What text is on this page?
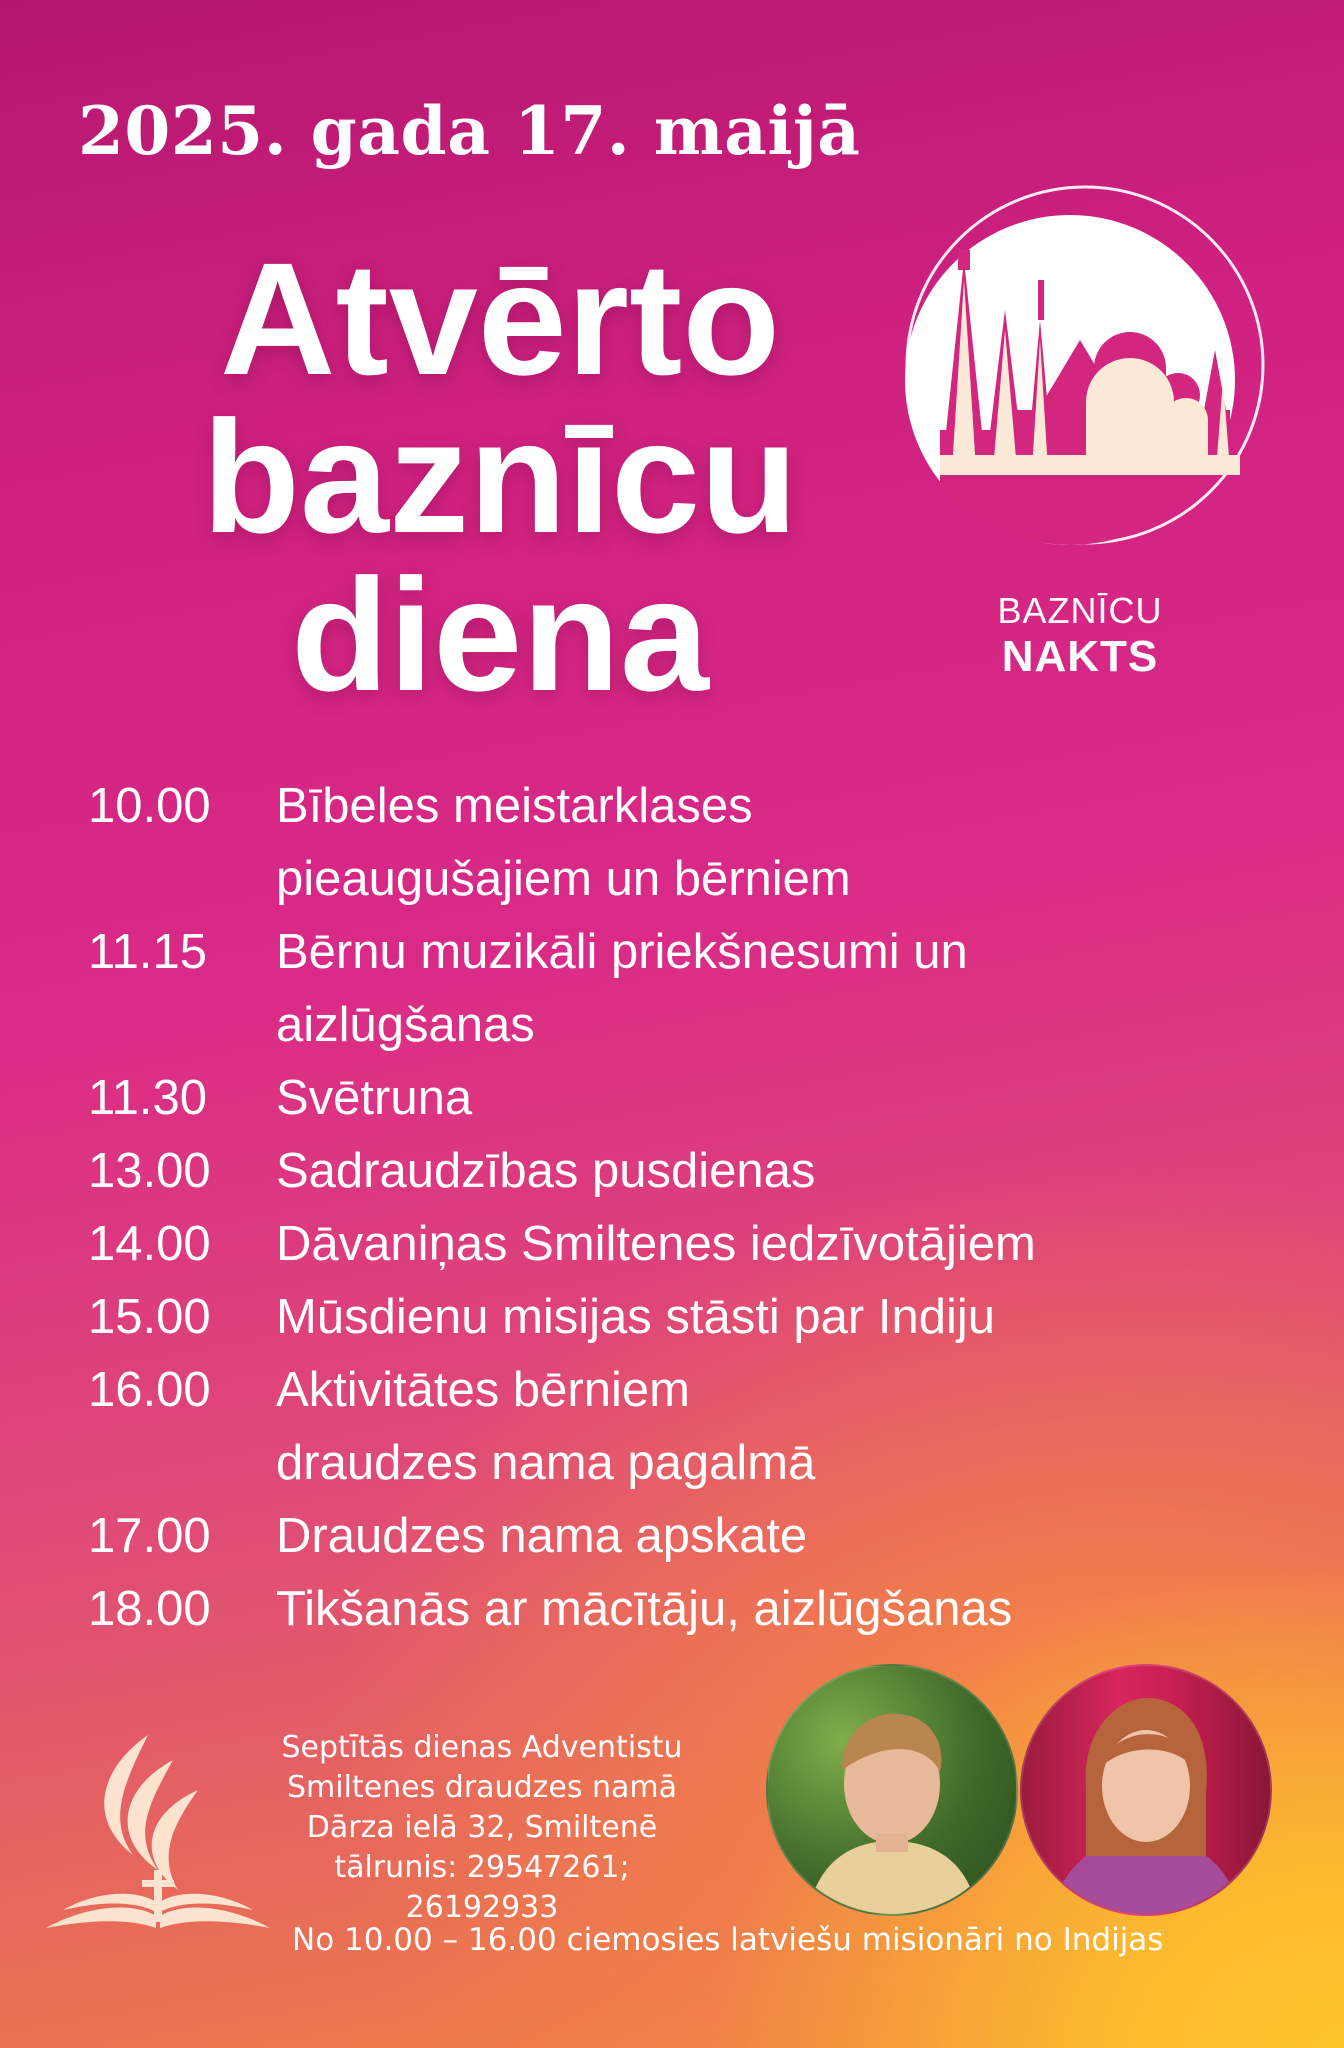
2025. gada 17. maijā
Atvērto
baznīcu
diena	BAZNĪCU
NAKTS
10.00	Bībeles meistarklases
pieaugušajiem un bērniem
11.15	Bērnu muzikāli priekšnesumi un
aizlūgšanas
11.30	Svētruna
13.00	Sadraudzības pusdienas
14.00	Dāvaniņas Smiltenes iedzīvotājiem
15.00	Mūsdienu misijas stāsti par Indiju
16.00	Aktivitātes bērniem
draudzes nama pagalmā
17.00	Draudzes nama apskate
18.00	Tikšanās ar mācītāju, aizlūgšanas
Septītās dienas Adventistu
Smiltenes draudzes namā
Dārza ielā 32, Smiltenē
tālrunis: 29547261; 26192933
No 10.00 – 16.00 ciemosies latviešu misionāri no Indijas
